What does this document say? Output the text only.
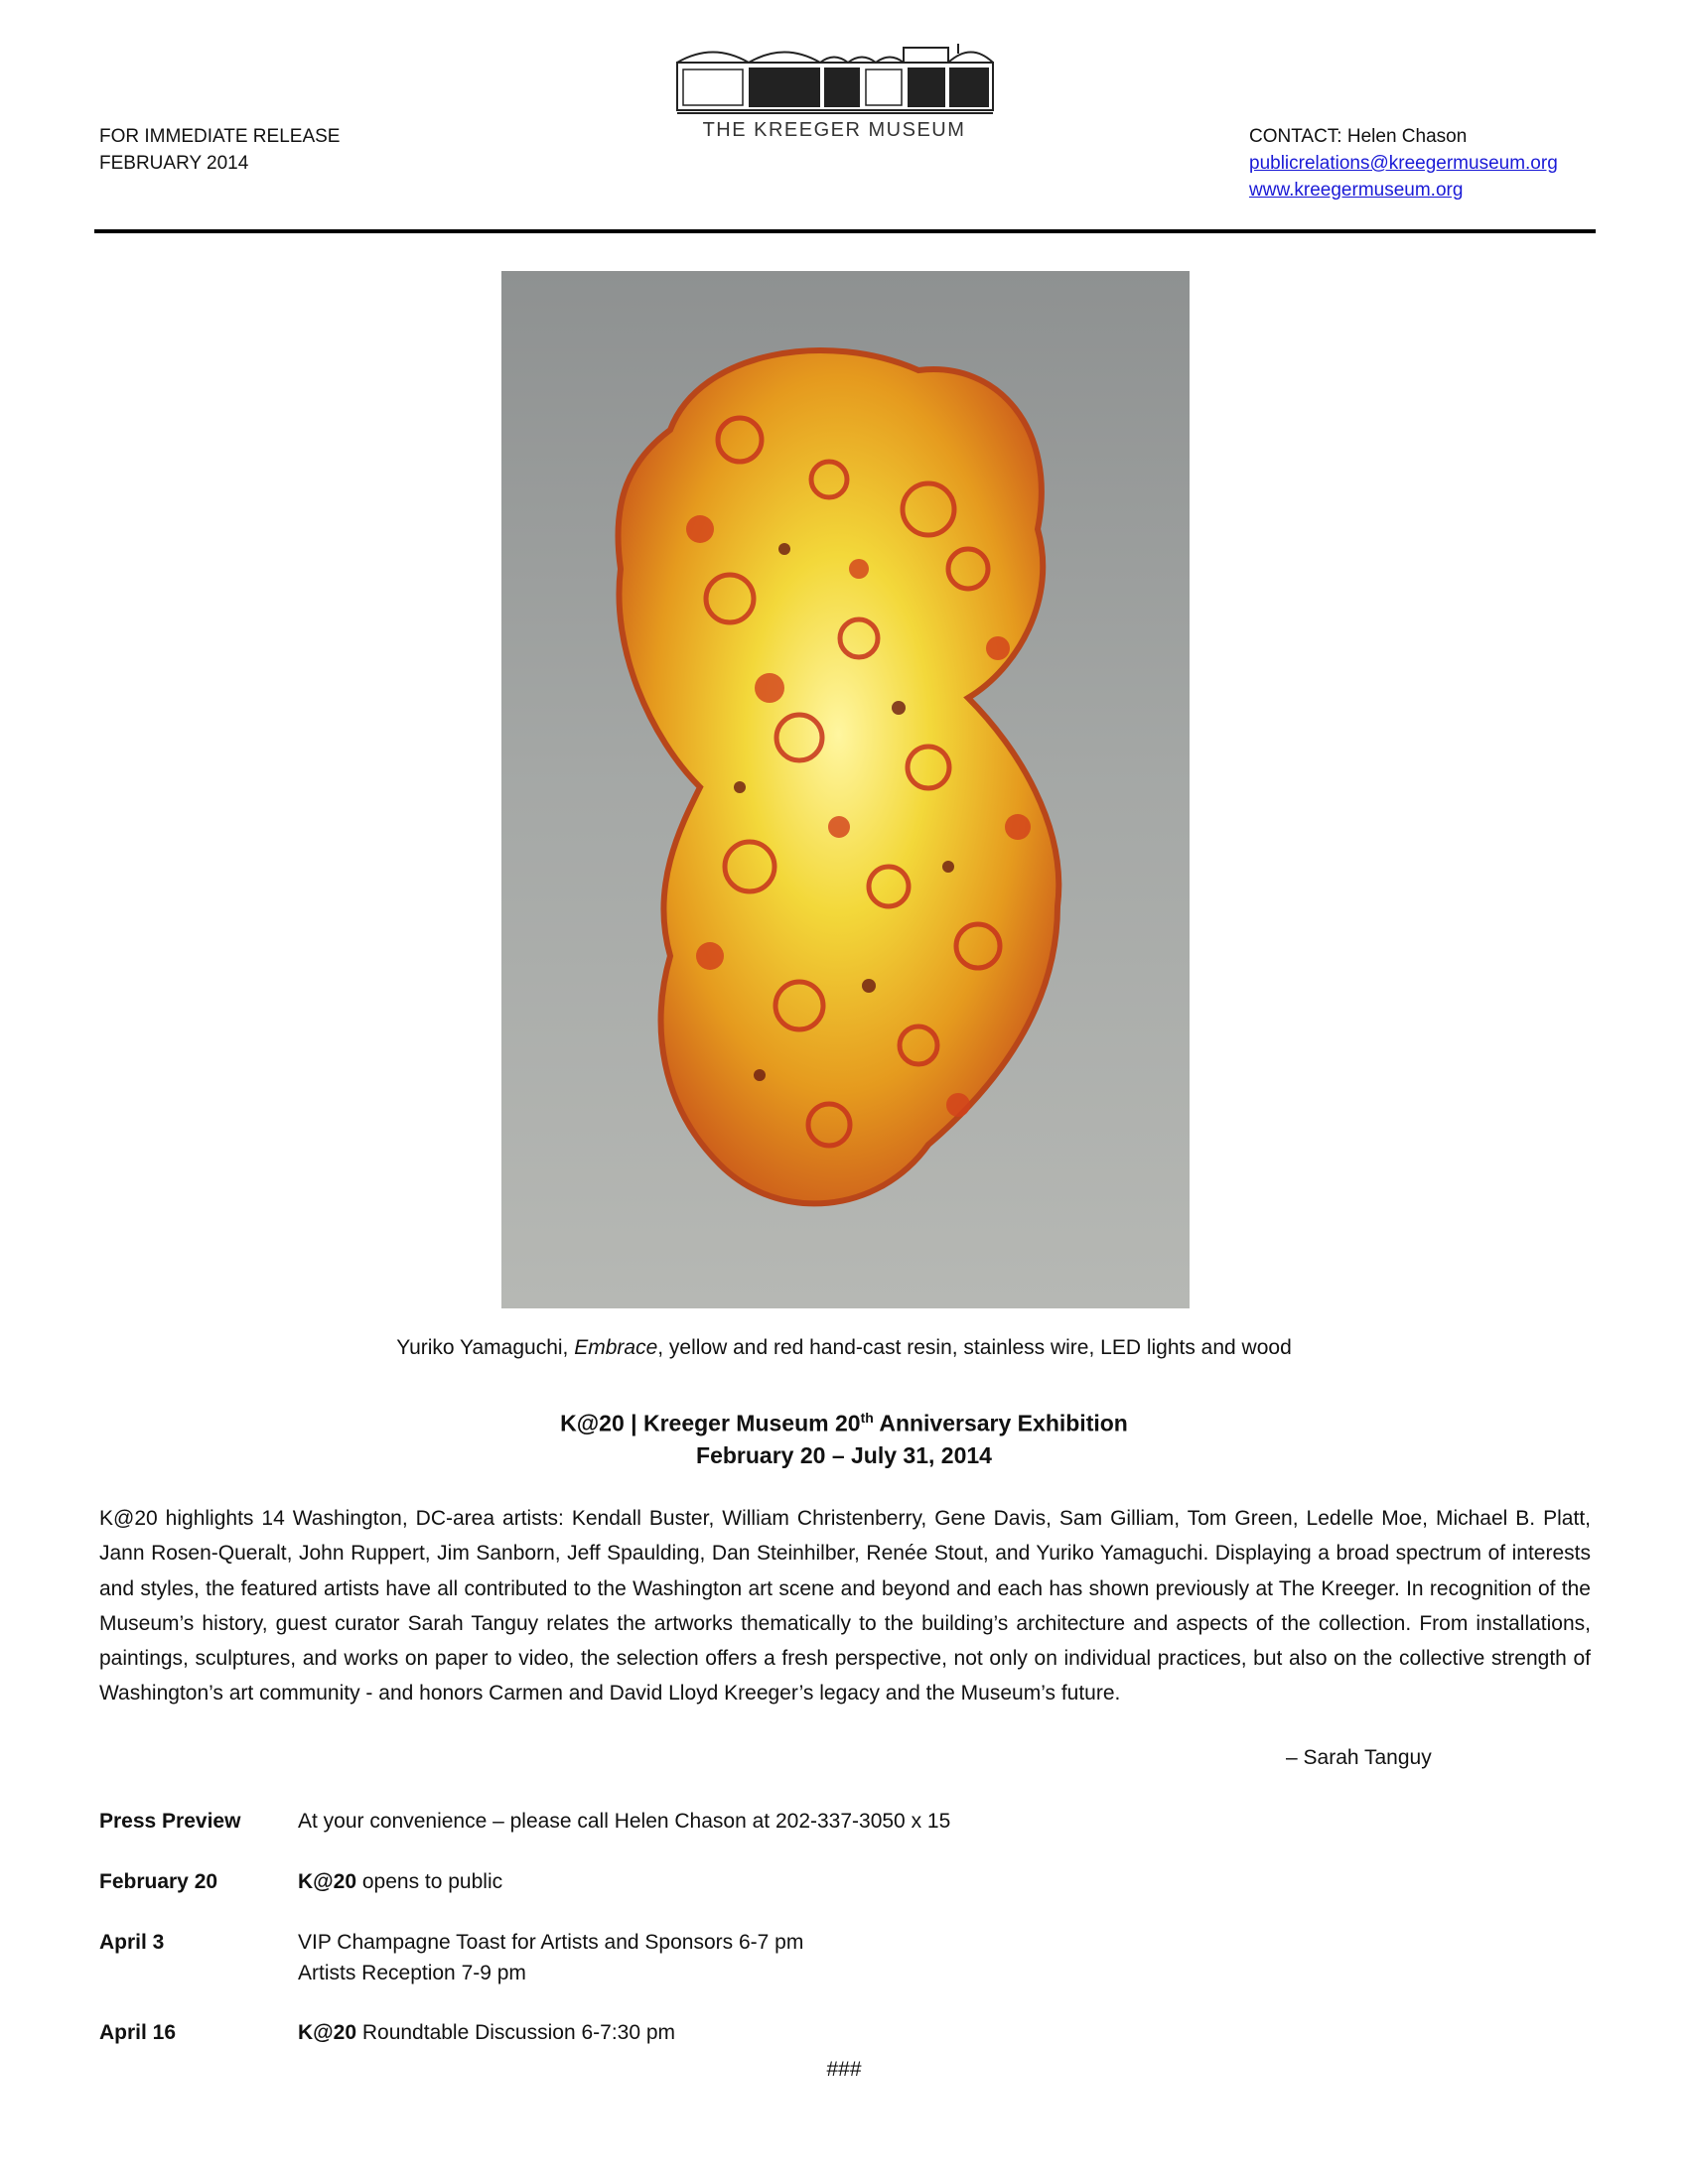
FOR IMMEDIATE RELEASE
FEBRUARY 2014
THE KREEGER MUSEUM	CONTACT: Helen Chason
publicrelations@kreegermuseum.org
www.kreegermuseum.org
Yuriko Yamaguchi, Embrace, yellow and red hand-cast resin, stainless wire, LED lights and wood
K@20 | Kreeger Museum 20th Anniversary Exhibition
February 20 – July 31, 2014
K@20 highlights 14 Washington, DC-area artists: Kendall Buster, William Christenberry, Gene Davis, Sam Gilliam, Tom Green, Ledelle Moe, Michael B. Platt, Jann Rosen-Queralt, John Ruppert, Jim Sanborn, Jeff Spaulding, Dan Steinhilber, Renée Stout, and Yuriko Yamaguchi. Displaying a broad spectrum of interests and styles, the featured artists have all contributed to the Washington art scene and beyond and each has shown previously at The Kreeger. In recognition of the Museum’s history, guest curator Sarah Tanguy relates the artworks thematically to the building’s architecture and aspects of the collection. From installations, paintings, sculptures, and works on paper to video, the selection offers a fresh perspective, not only on individual practices, but also on the collective strength of Washington’s art community - and honors Carmen and David Lloyd Kreeger’s legacy and the Museum’s future.
– Sarah Tanguy
Press Preview	At your convenience – please call Helen Chason at 202-337-3050 x 15
February 20	K@20 opens to public
April 3	VIP Champagne Toast for Artists and Sponsors 6-7 pm
Artists Reception 7-9 pm
April 16	K@20 Roundtable Discussion 6-7:30 pm
###
